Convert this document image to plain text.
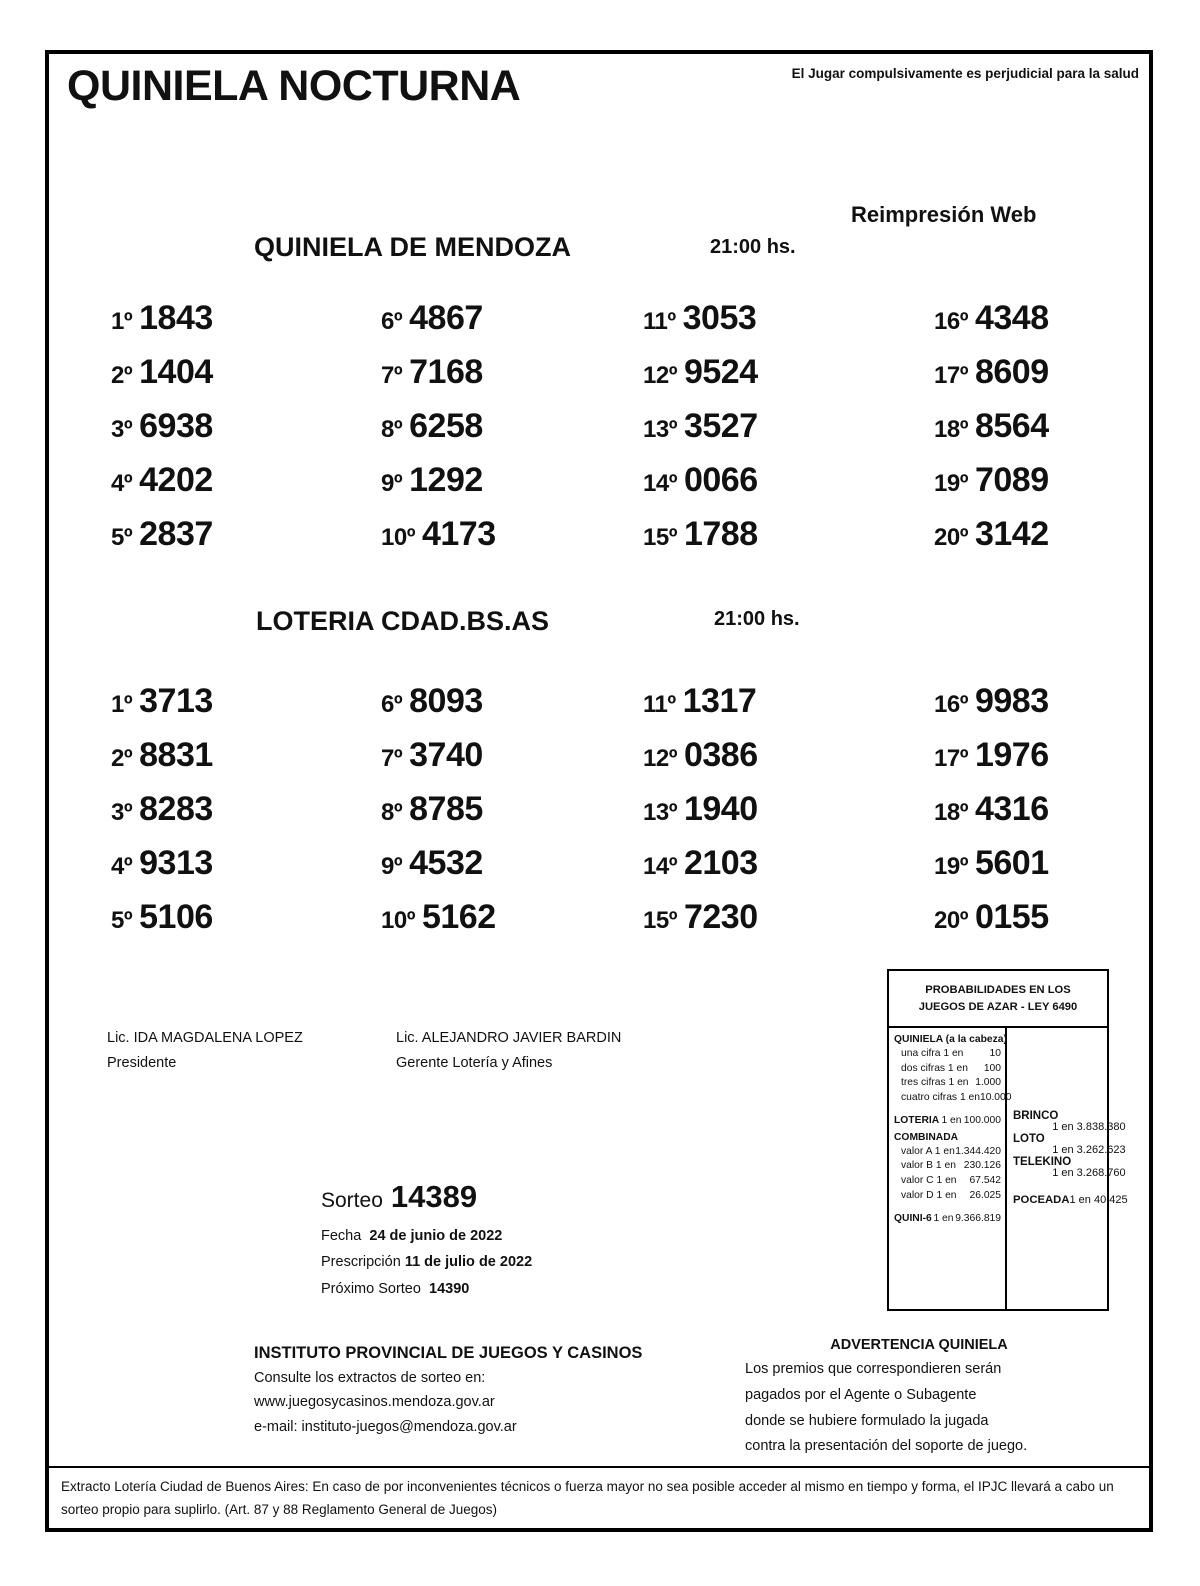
QUINIELA NOCTURNA	El Jugar compulsivamente es perjudicial para la salud
Reimpresión Web
QUINIELA DE MENDOZA	21:00 hs.
1º 1843	6º 4867	11º 3053	16º 4348
2º 1404	7º 7168	12º 9524	17º 8609
3º 6938	8º 6258	13º 3527	18º 8564
4º 4202	9º 1292	14º 0066	19º 7089
5º 2837	10º 4173	15º 1788	20º 3142
LOTERIA CDAD.BS.AS	21:00 hs.
1º 3713	6º 8093	11º 1317	16º 9983
2º 8831	7º 3740	12º 0386	17º 1976
3º 8283	8º 8785	13º 1940	18º 4316
4º 9313	9º 4532	14º 2103	19º 5601
5º 5106	10º 5162	15º 7230	20º 0155
Lic. IDA MAGDALENA LOPEZ
Presidente
Lic. ALEJANDRO JAVIER BARDIN
Gerente Lotería y Afines
Sorteo 14389
Fecha 24 de junio de 2022
Prescripción 11 de julio de 2022
Próximo Sorteo 14390
PROBABILIDADES EN LOS
JUEGOS DE AZAR - LEY 6490
QUINIELA (a la cabeza)
una cifra 1 en	10
dos cifras 1 en 100
tres cifras 1 en 1.000
cuatro cifras 1 en 10.000
LOTERIA 1 en 100.000
COMBINADA
valor A 1 en 1.344.420
valor B 1 en 230.126
valor C 1 en 67.542
valor D 1 en 26.025
QUINI-6 1 en 9.366.819
BRINCO
1 en 3.838.380
LOTO
1 en 3.262.623
TELEKINO
1 en 3.268.760
POCEADA 1 en 40.425
INSTITUTO PROVINCIAL DE JUEGOS Y CASINOS
Consulte los extractos de sorteo en:
www.juegosycasinos.mendoza.gov.ar
e-mail: instituto-juegos@mendoza.gov.ar
ADVERTENCIA QUINIELA
Los premios que correspondieren serán
pagados por el Agente o Subagente
donde se hubiere formulado la jugada
contra la presentación del soporte de juego.
Extracto Lotería Ciudad de Buenos Aires: En caso de por inconvenientes técnicos o fuerza mayor no sea posible acceder al mismo en tiempo y forma, el IPJC llevará a cabo un sorteo propio para suplirlo. (Art. 87 y 88 Reglamento General de Juegos)
